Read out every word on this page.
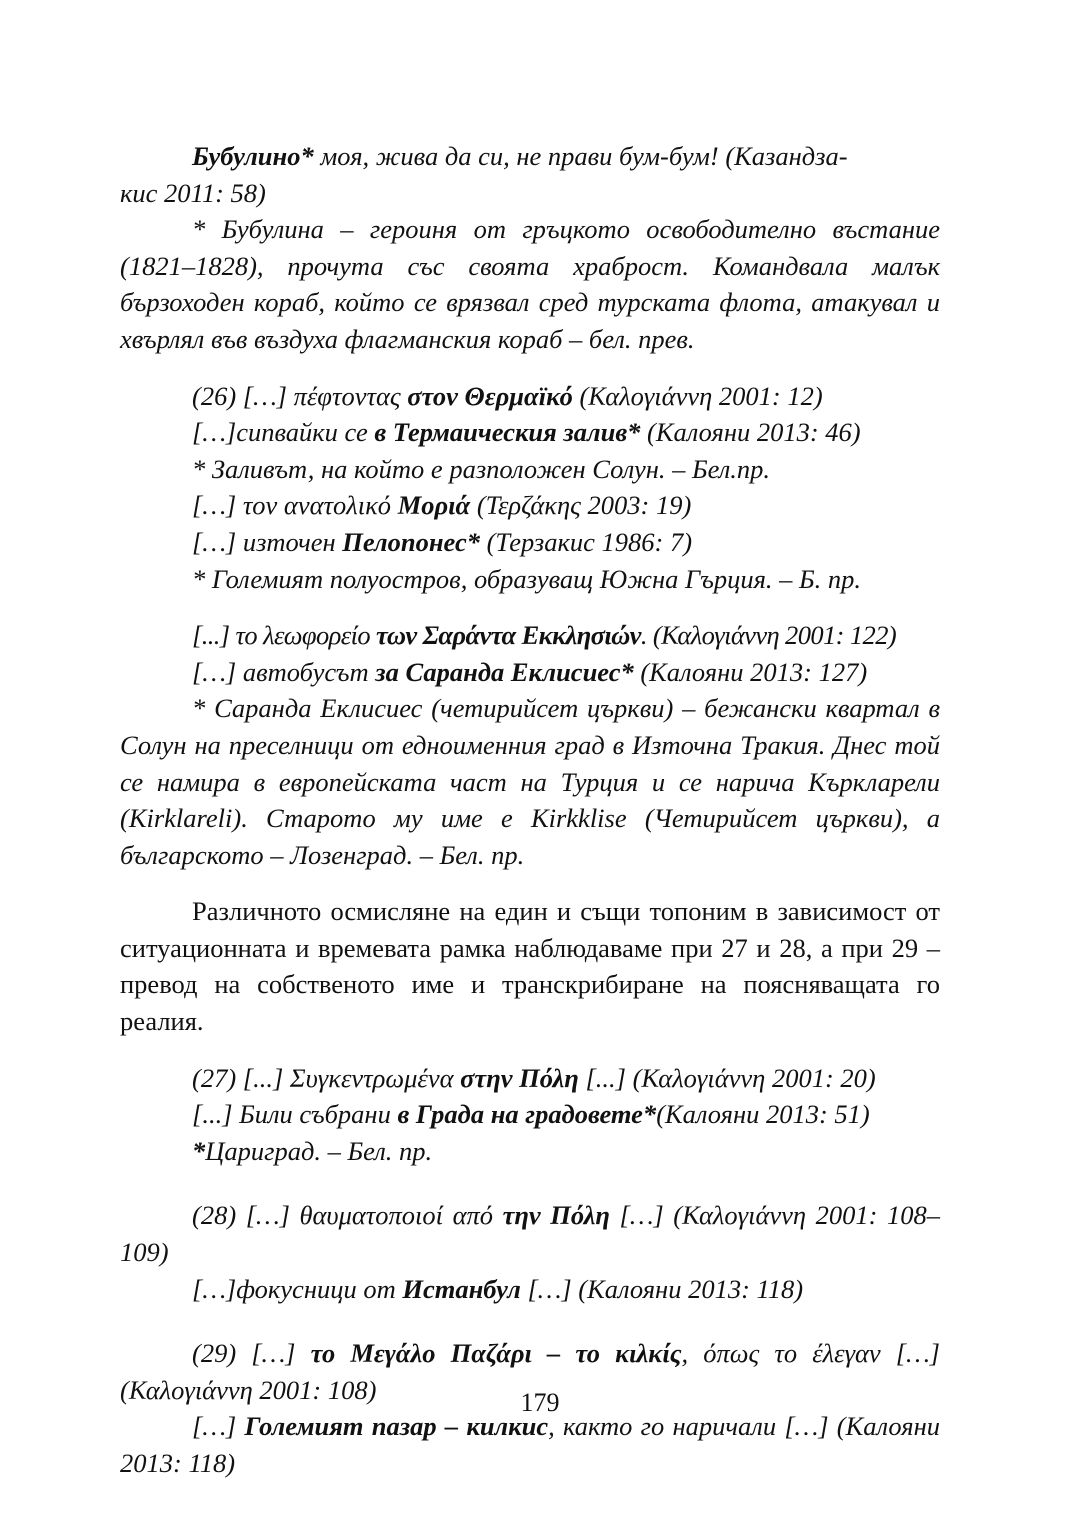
Бубулино* моя, жива да си, не прави бум-бум! (Казандза-
кис 2011: 58)

* Бубулина – героиня от гръцкото освободително въстание (1821–1828), прочута със своята храброст. Командвала малък бързоходен кораб, който се врязвал сред турската флота, атакувал и хвърлял във въздуха флагманския кораб – бел. прев.

(26) […] πέφτοντας στον Θερμαϊκό (Καλογιάννη 2001: 12)

[…]сипвайки се в Термаическия залив* (Калояни 2013: 46)

* Заливът, на който е разположен Солун. – Бел.пр.

[…] τον ανατολικό Μοριά (Τερζάκης 2003: 19)

[…] източен Пелопонес* (Терзакис 1986: 7)

* Големият полуостров, образуващ Южна Гърция. – Б. пр.

[...] το λεωφορείο των Σαράντα Εκκλησιών. (Καλογιάννη 2001: 122)

[…] автобусът за Саранда Еклисиес* (Калояни 2013: 127)

* Саранда Еклисиес (четирийсет църкви) – бежански квартал в Солун на преселници от едноименния град в Източна Тракия. Днес той се намира в европейската част на Турция и се нарича Къркларели (Kirklareli). Старото му име е Kirkklise (Четирийсет църкви), а българското – Лозенград. – Бел. пр.

Различното осмисляне на един и същи топоним в зависимост от ситуационната и времевата рамка наблюдаваме при 27 и 28, а при 29 – превод на собственото име и транскрибиране на поясняващата го реалия.

(27) [...] Συγκεντρωμένα στην Πόλη [...] (Καλογιάννη 2001: 20)

[...] Били събрани в Града на градовете*(Калояни 2013: 51)

*Цариград. – Бел. пр.

(28) […] θαυματοποιοί από την Πόλη […] (Καλογιάννη 2001: 108–109)

[…]фокусници от Истанбул […] (Калояни 2013: 118)

(29) […] το Μεγάλο Παζάρι – το κιλκίς, όπως το έλεγαν […] (Καλογιάννη 2001: 108)

[…] Големият пазар – килкис, както го наричали […] (Калояни 2013: 118)

179
